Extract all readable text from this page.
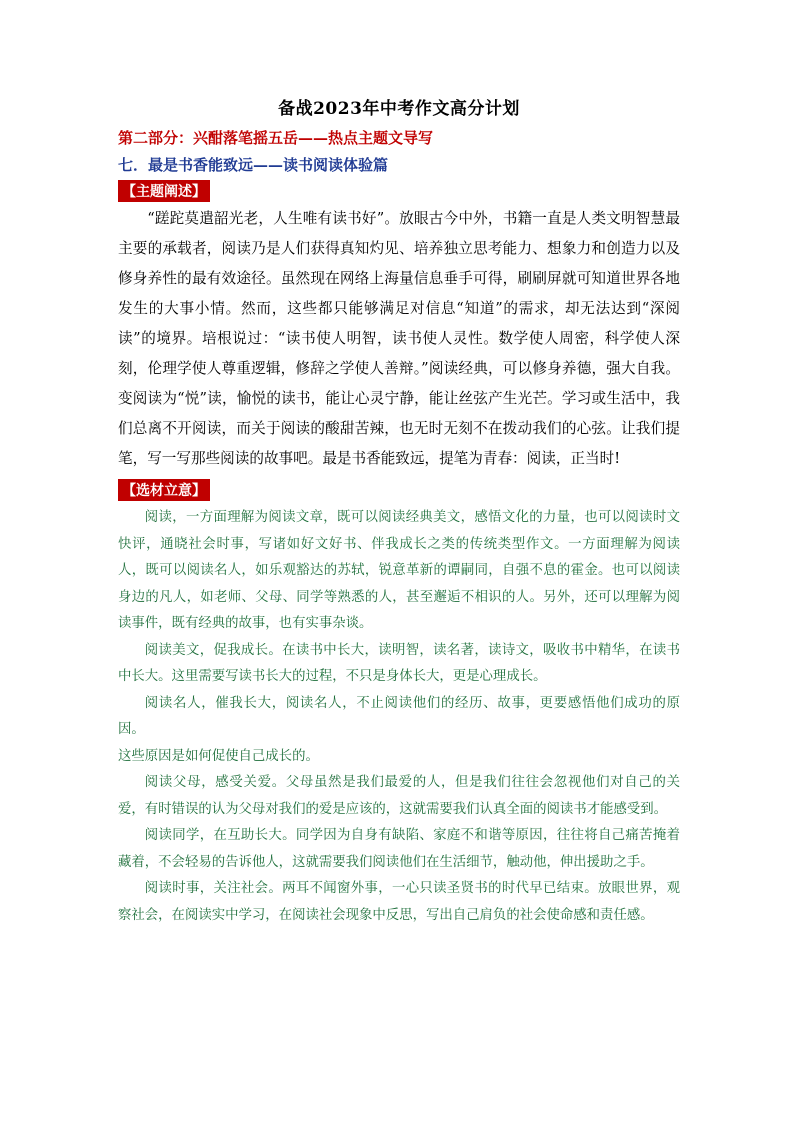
备战2023年中考作文高分计划
第二部分：兴酣落笔摇五岳——热点主题文导写
七．最是书香能致远——读书阅读体验篇
【主题阐述】

“蹉跎莫遣韶光老，人生唯有读书好”。放眼古今中外，书籍一直是人类文明智慧最主要的承载者，阅读乃是人们获得真知灼见、培养独立思考能力、想象力和创造力以及修身养性的最有效途径。虽然现在网络上海量信息垂手可得，刷刷屏就可知道世界各地发生的大事小情。然而，这些都只能够满足对信息“知道”的需求，却无法达到“深阅读”的境界。培根说过：“读书使人明智，读书使人灵性。数学使人周密，科学使人深刻，伦理学使人尊重逻辑，修辞之学使人善辩。”阅读经典，可以修身养德，强大自我。变阅读为“悦”读，愉悦的读书，能让心灵宁静，能让丝弦产生光芒。学习或生活中，我们总离不开阅读，而关于阅读的酸甜苦辣，也无时无刻不在拨动我们的心弦。让我们提笔，写一写那些阅读的故事吧。最是书香能致远，提笔为青春：阅读，正当时!

【选材立意】

阅读，一方面理解为阅读文章，既可以阅读经典美文，感悟文化的力量，也可以阅读时文快评，通晓社会时事，写诸如好文好书、伴我成长之类的传统类型作文。一方面理解为阅读人，既可以阅读名人，如乐观豁达的苏轼，锐意革新的谭嗣同，自强不息的霍金。也可以阅读身边的凡人，如老师、父母、同学等熟悉的人，甚至邂逅不相识的人。另外，还可以理解为阅读事件，既有经典的故事，也有实事杂谈。

阅读美文，促我成长。在读书中长大，读明智，读名著，读诗文，吸收书中精华，在读书中长大。这里需要写读书长大的过程，不只是身体长大，更是心理成长。

阅读名人，催我长大，阅读名人，不止阅读他们的经历、故事，更要感悟他们成功的原因。

这些原因是如何促使自己成长的。

阅读父母，感受关爱。父母虽然是我们最爱的人，但是我们往往会忽视他们对自己的关爱，有时错误的认为父母对我们的爱是应该的，这就需要我们认真全面的阅读书才能感受到。

阅读同学，在互助长大。同学因为自身有缺陷、家庭不和谐等原因，往往将自己痛苦掩着藏着，不会轻易的告诉他人，这就需要我们阅读他们在生活细节，触动他，伸出援助之手。

阅读时事，关注社会。两耳不闻窗外事，一心只读圣贤书的时代早已结束。放眼世界，观察社会，在阅读实中学习，在阅读社会现象中反思，写出自己肩负的社会使命感和责任感。
